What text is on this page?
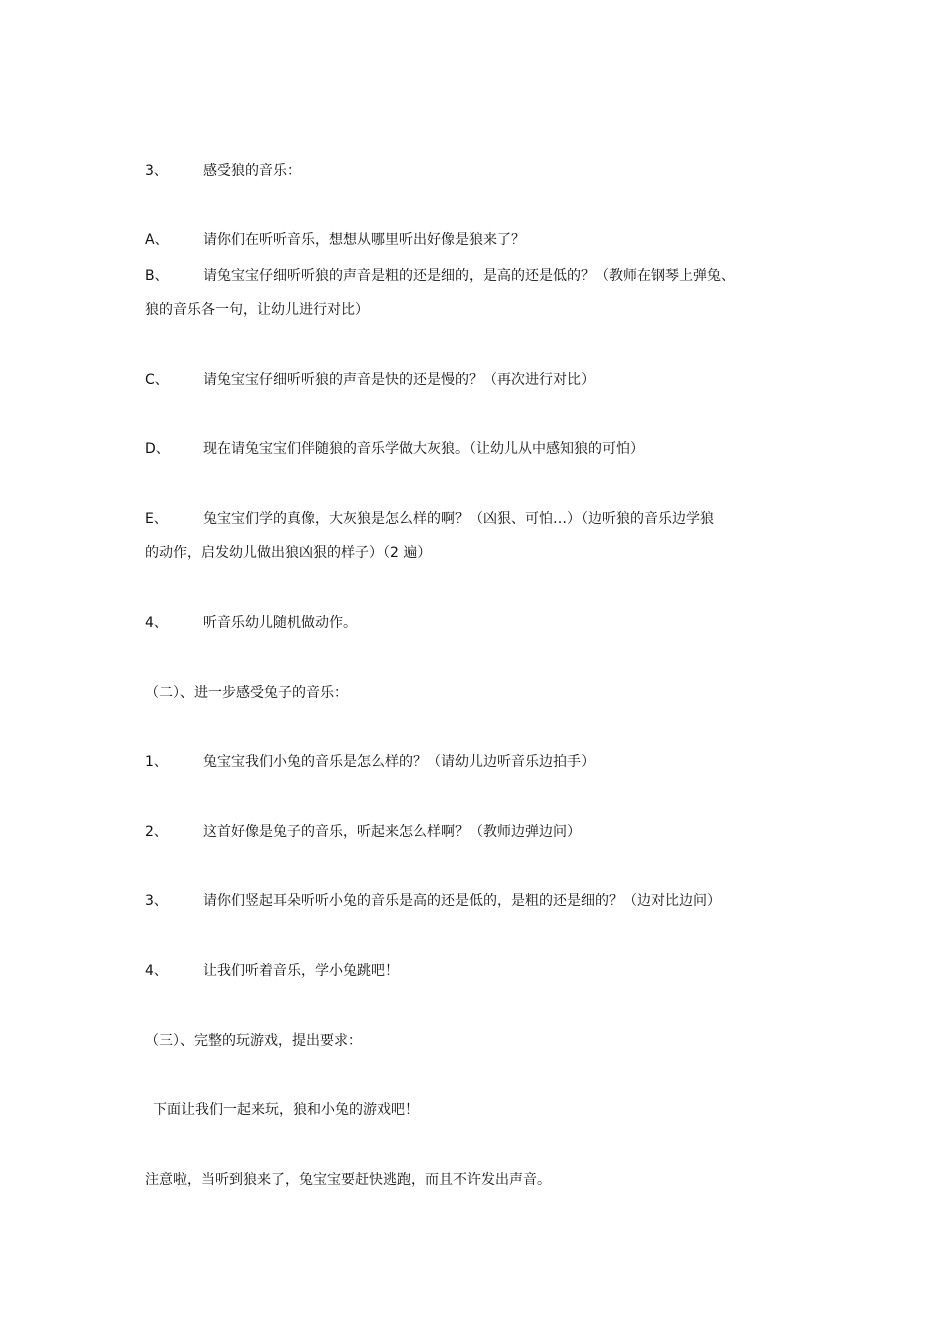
3、	感受狼的音乐：
A、 请你们在听听音乐，想想从哪里听出好像是狼来了？
B、 请兔宝宝仔细听听狼的声音是粗的还是细的，是高的还是低的？（教师在钢琴上弹兔、
狼的音乐各一句，让幼儿进行对比）
C、 请兔宝宝仔细听听狼的声音是快的还是慢的？（再次进行对比）
D、 现在请兔宝宝们伴随狼的音乐学做大灰狼。（让幼儿从中感知狼的可怕）
E、	兔宝宝们学的真像，大灰狼是怎么样的啊？（凶狠、可怕…）（边听狼的音乐边学狼
的动作，启发幼儿做出狼凶狠的样子）（2 遍）
4、	听音乐幼儿随机做动作。
（二）、进一步感受兔子的音乐：
1、	兔宝宝我们小兔的音乐是怎么样的？（请幼儿边听音乐边拍手）
2、	这首好像是兔子的音乐，听起来怎么样啊？（教师边弹边问）
3、	请你们竖起耳朵听听小兔的音乐是高的还是低的，是粗的还是细的？（边对比边问）
4、	让我们听着音乐，学小兔跳吧！
（三）、完整的玩游戏，提出要求：
下面让我们一起来玩，狼和小兔的游戏吧！
注意啦，当听到狼来了，兔宝宝要赶快逃跑，而且不许发出声音。
